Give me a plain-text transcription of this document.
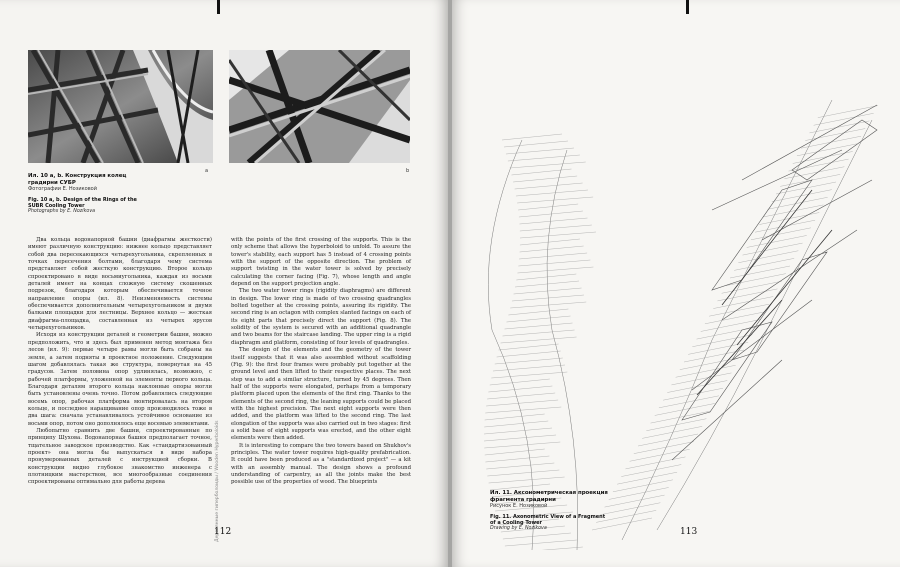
a	b
Ил. 10 a, b. Конструкция колец градирни СУБР
Фотографии Е. Нозиковой
Fig. 10 a, b. Design of the Rings of the SUBR Cooling Tower
Photographs by E. Nozikova

Два кольца водонапорной башни (диафрагмы жесткости) имеют различную конструкцию: нижнее кольцо представляет собой два пересекающихся четырехугольника, скрепленных в точках пересечения болтами, благодаря чему система представляет собой жесткую конструкцию. Второе кольцо спроектировано в виде восьмиугольника, каждая из восьми деталей имеет на концах сложную систему скошенных подрезок, благодаря которым обеспечивается точное направление опоры (ил. 8). Неизменяемость системы обеспечивается дополнительным четырехугольником и двумя балками площадки для лестницы. Верхнее кольцо — жесткая диафрагма-площадка, составленная из четырех ярусов четырехугольников.

Исходя из конструкции деталей и геометрии башни, можно предположить, что и здесь был применен метод монтажа без лесов (ил. 9): первые четыре рамы могли быть собраны на земле, а затем подняты в проектное положение. Следующим шагом добавлялась такая же структура, повернутая на 45 градусов. Затем половина опор удлинялась, возможно, с рабочей платформы, уложенной на элементы первого кольца. Благодаря деталям второго кольца наклонные опоры могли быть установлены очень точно. Потом добавлялись следующие восемь опор, рабочая платформа монтировалась на втором кольце, и последнее наращивание опор производилось тоже в два шага: сначала устанавливалось устойчивое основание из восьми опор, потом оно дополнялось еще восемью элементами.

Любопытно сравнить две башни, спроектированные по принципу Шухова. Водонапорная башня предполагает точное, тщательное заводское производство. Как «стандартизованный проект» она могла бы выпускаться в виде набора пронумерованных деталей с инструкцией сборки. В конструкции видно глубокое знакомство инженера с плотницким мастерством, все многообразные соединения спроектированы оптимально для работы дерева	Деревянные гиперболоиды / Wooden Hyperboloids

with the points of the first crossing of the supports. This is the only scheme that allows the hyperboloid to unfold. To assure the tower's stability, each support has 5 instead of 4 crossing points with the support of the opposite direction. The problem of support twisting in the water tower is solved by precisely calculating the corner facing (Fig. 7), whose length and angle depend on the support projection angle.

The two water tower rings (rigidity diaphragms) are different in design. The lower ring is made of two crossing quadrangles bolted together at the crossing points, assuring its rigidity. The second ring is an octagon with complex slanted facings on each of its eight parts that precisely direct the support (Fig. 8). The solidity of the system is secured with an additional quadrangle and two beams for the staircase landing. The upper ring is a rigid diaphragm and platform, consisting of four levels of quadrangles.

The design of the elements and the geometry of the tower itself suggests that it was also assembled without scaffolding (Fig. 9): the first four frames were probably put together at the ground level and then lifted to their respective places. The next step was to add a similar structure, turned by 45 degrees. Then half of the supports were elongated, perhaps from a temporary platform placed upon the elements of the first ring. Thanks to the elements of the second ring, the leaning supports could be placed with the highest precision. The next eight supports were then added, and the platform was lifted to the second ring. The last elongation of the supports was also carried out in two stages: first a solid base of eight supports was erected, and the other eight elements were then added.

It is interesting to compare the two towers based on Shukhov's principles. The water tower requires high-quality prefabrication. It could have been produced as a "standardized project" — a kit with an assembly manual. The design shows a profound understanding of carpentry, as all the joints make the best possible use of the properties of wood. The blueprints

112
Ил. 11. Аксонометрическая проекция фрагмента градирни
Рисунок Е. Нозиковой
Fig. 11. Axonometric View of a Fragment of a Cooling Tower
Drawing by E. Nozikova	113
